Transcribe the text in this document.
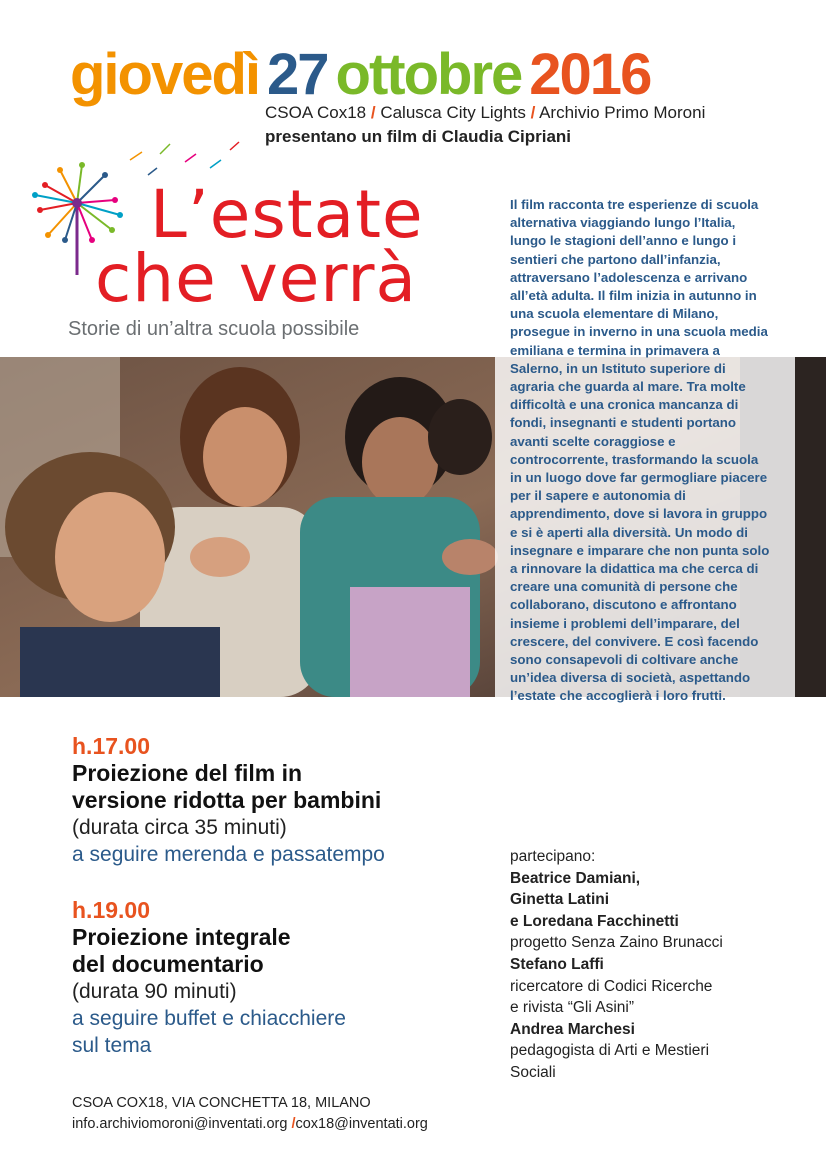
giovedì 27 ottobre 2016
CSOA Cox18 / Calusca City Lights / Archivio Primo Moroni
presentano un film di Claudia Cipriani
L’estate
che verrà
Storie di un’altra scuola possibile
Il film racconta tre esperienze di scuola alternativa viaggiando lungo l’Italia, lungo le stagioni dell’anno e lungo i sentieri che partono dall’infanzia, attraversano l’adolescenza e arrivano all’età adulta. Il film inizia in autunno in una scuola elementare di Milano, prosegue in inverno in una scuola media emiliana e termina in primavera a Salerno, in un Istituto superiore di agraria che guarda al mare. Tra molte difficoltà e una cronica mancanza di fondi, insegnanti e studenti portano avanti scelte coraggiose e controcorrente, trasformando la scuola in un luogo dove far germogliare piacere per il sapere e autonomia di apprendimento, dove si lavora in gruppo e si è aperti alla diversità. Un modo di insegnare e imparare che non punta solo a rinnovare la didattica ma che cerca di creare una comunità di persone che collaborano, discutono e affrontano insieme i problemi dell’imparare, del crescere, del convivere. E così facendo sono consapevoli di coltivare anche un’idea diversa di società, aspettando l’estate che accoglierà i loro frutti.
h.17.00
Proiezione del film in
versione ridotta per bambini
(durata circa 35 minuti)
a seguire merenda e passatempo
h.19.00
Proiezione integrale
del documentario
(durata 90 minuti)
a seguire buffet e chiacchiere
sul tema
partecipano:
Beatrice Damiani,
Ginetta Latini
e Loredana Facchinetti
progetto Senza Zaino Brunacci
Stefano Laffi
ricercatore di Codici Ricerche
e rivista “Gli Asini”
Andrea Marchesi
pedagogista di Arti e Mestieri
Sociali
CSOA COX18, VIA CONCHETTA 18, MILANO
info.archiviomoroni@inventati.org /cox18@inventati.org
